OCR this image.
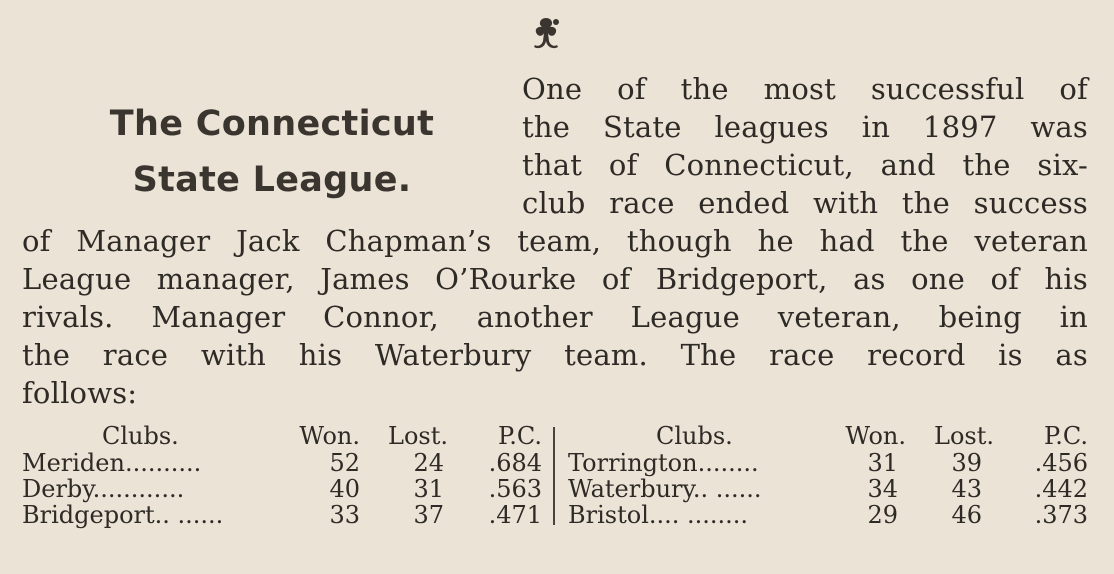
The Connecticut
State League.
One of the most successful of
the State leagues in 1897 was
that of Connecticut, and the six-
club race ended with the success
of Manager Jack Chapman’s team, though he had the veteran
League manager, James O’Rourke of Bridgeport, as one of his
rivals. Manager Connor, another League veteran, being in
the race with his Waterbury team. The race record is as
follows:
Clubs.	Won. Lost. P.C.
Meriden..........	52	24 .684
Derby............	40	31 .563
Bridgeport.. ......	33	37 .471
Clubs.	Won. Lost. P.C.
Torrington........	31	39 .456
Waterbury.. ......	34	43 .442
Bristol.... ........	29	46 .373
